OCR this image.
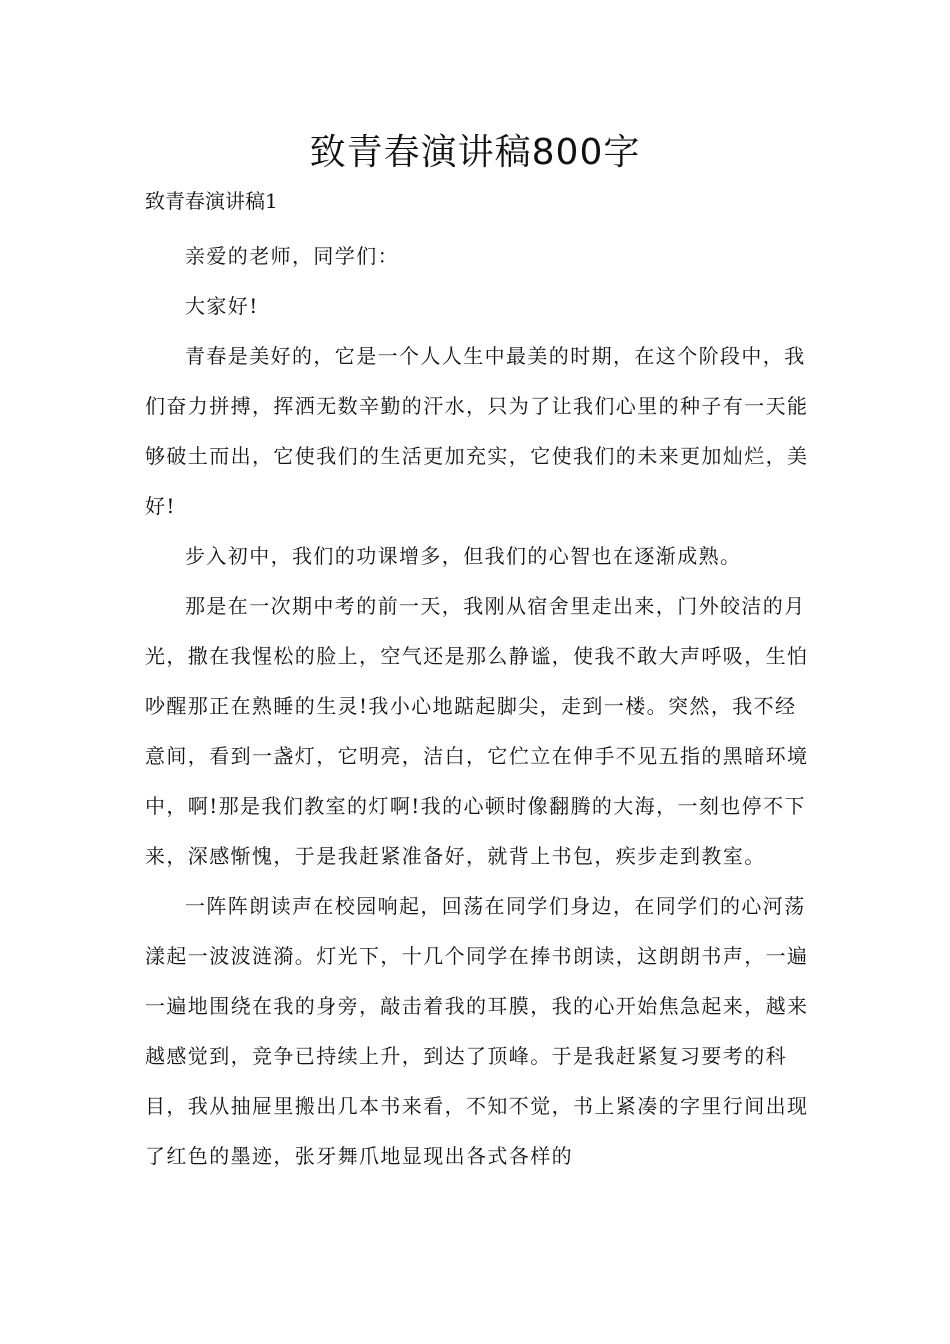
致青春演讲稿800字
致青春演讲稿1

亲爱的老师，同学们：

大家好!

青春是美好的，它是一个人人生中最美的时期，在这个阶段中，我们奋力拼搏，挥洒无数辛勤的汗水，只为了让我们心里的种子有一天能够破土而出，它使我们的生活更加充实，它使我们的未来更加灿烂，美好!

步入初中，我们的功课增多，但我们的心智也在逐渐成熟。

那是在一次期中考的前一天，我刚从宿舍里走出来，门外皎洁的月光，撒在我惺松的脸上，空气还是那么静谧，使我不敢大声呼吸，生怕吵醒那正在熟睡的生灵!我小心地踮起脚尖，走到一楼。突然，我不经意间，看到一盏灯，它明亮，洁白，它伫立在伸手不见五指的黑暗环境中，啊!那是我们教室的灯啊!我的心顿时像翻腾的大海，一刻也停不下来，深感惭愧，于是我赶紧准备好，就背上书包，疾步走到教室。

一阵阵朗读声在校园响起，回荡在同学们身边，在同学们的心河荡漾起一波波涟漪。灯光下，十几个同学在捧书朗读，这朗朗书声，一遍一遍地围绕在我的身旁，敲击着我的耳膜，我的心开始焦急起来，越来越感觉到，竞争已持续上升，到达了顶峰。于是我赶紧复习要考的科目，我从抽屉里搬出几本书来看，不知不觉，书上紧凑的字里行间出现了红色的墨迹，张牙舞爪地显现出各式各样的
